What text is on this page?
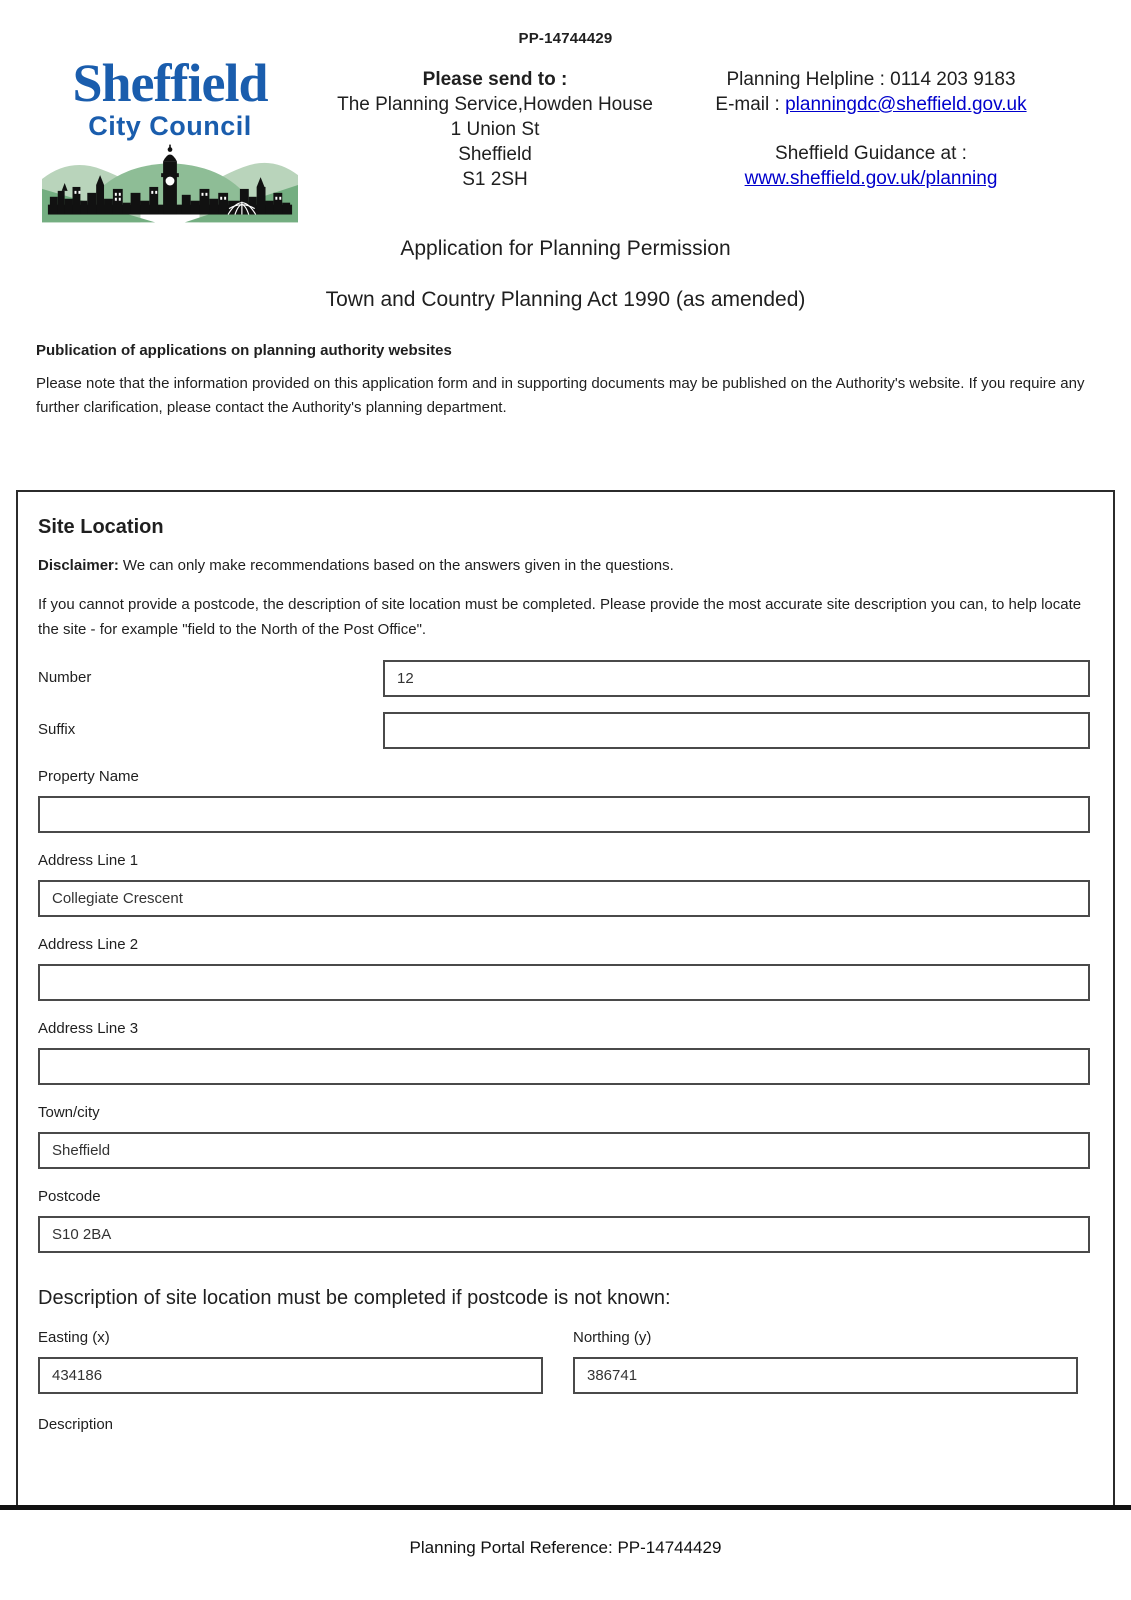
PP-14744429
Sheffield
City Council
Please send to :
The Planning Service,Howden House
1 Union St
Sheffield
S1 2SH
Planning Helpline : 0114 203 9183
E-mail : planningdc@sheffield.gov.uk
Sheffield Guidance at :
www.sheffield.gov.uk/planning
Application for Planning Permission
Town and Country Planning Act 1990 (as amended)
Publication of applications on planning authority websites
Please note that the information provided on this application form and in supporting documents may be published on the Authority's website. If you require any further clarification, please contact the Authority's planning department.
Site Location
Disclaimer: We can only make recommendations based on the answers given in the questions.
If you cannot provide a postcode, the description of site location must be completed. Please provide the most accurate site description you can, to help locate the site - for example "field to the North of the Post Office".
Number
12
Suffix
Property Name
Address Line 1
Collegiate Crescent
Address Line 2
Address Line 3
Town/city
Sheffield
Postcode
S10 2BA
Description of site location must be completed if postcode is not known:
Easting (x)
434186	Northing (y)
386741
Description
Planning Portal Reference: PP-14744429
